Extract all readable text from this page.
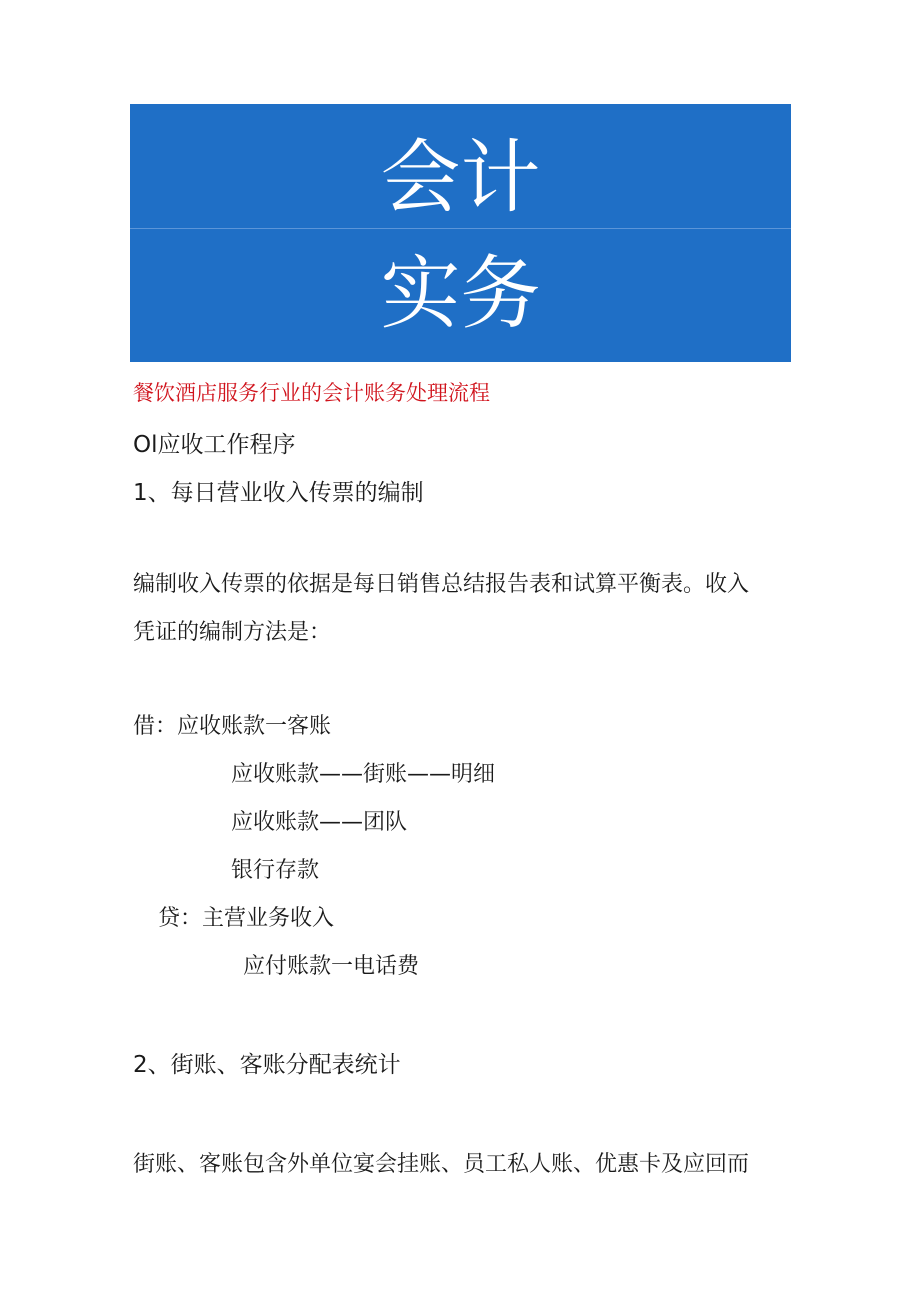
会计
实务
餐饮酒店服务行业的会计账务处理流程
Ol应收工作程序
1、每日营业收入传票的编制
编制收入传票的依据是每日销售总结报告表和试算平衡表。收入
凭证的编制方法是：
借：应收账款一客账
应收账款——街账——明细
应收账款——团队
银行存款
贷：主营业务收入
应付账款一电话费
2、街账、客账分配表统计
街账、客账包含外单位宴会挂账、员工私人账、优惠卡及应回而
